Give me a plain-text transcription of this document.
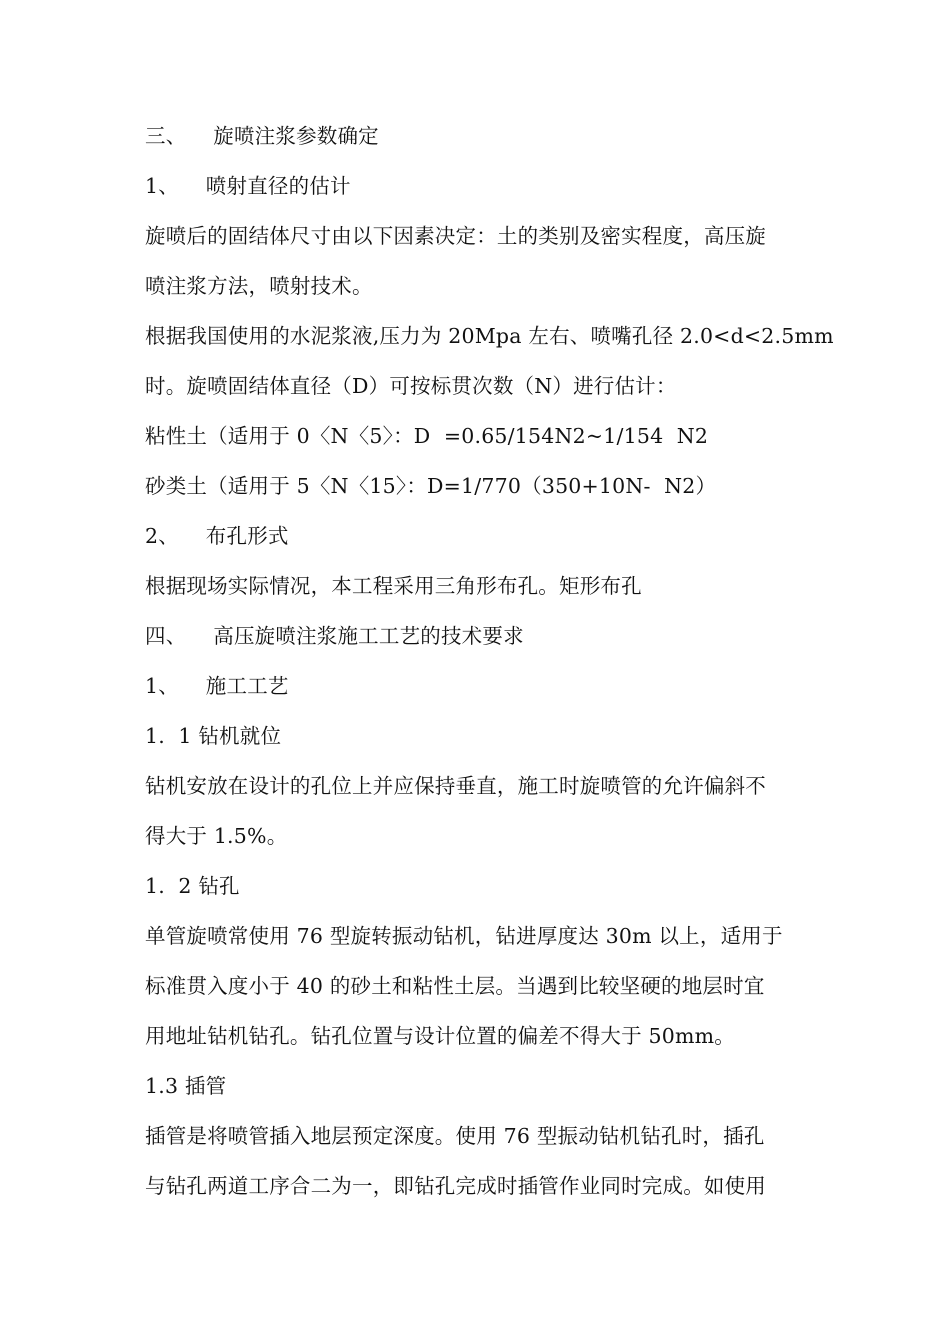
三、    旋喷注浆参数确定
1、    喷射直径的估计
旋喷后的固结体尺寸由以下因素决定：土的类别及密实程度，高压旋
喷注浆方法，喷射技术。
根据我国使用的水泥浆液,压力为 20Mpa 左右、喷嘴孔径 2.0<d<2.5mm
时。旋喷固结体直径（D）可按标贯次数（N）进行估计：
粘性土（适用于 0〈N〈5〉：D  =0.65/154N2~1/154  N2
砂类土（适用于 5〈N〈15〉：D=1/770（350+10N-  N2）
2、    布孔形式
根据现场实际情况，本工程采用三角形布孔。矩形布孔
四、    高压旋喷注浆施工工艺的技术要求
1、    施工工艺
1.  1 钻机就位
钻机安放在设计的孔位上并应保持垂直，施工时旋喷管的允许偏斜不
得大于 1.5%。
1.  2 钻孔
单管旋喷常使用 76 型旋转振动钻机，钻进厚度达 30m 以上，适用于
标准贯入度小于 40 的砂土和粘性土层。当遇到比较坚硬的地层时宜
用地址钻机钻孔。钻孔位置与设计位置的偏差不得大于 50mm。
1.3 插管
插管是将喷管插入地层预定深度。使用 76 型振动钻机钻孔时，插孔
与钻孔两道工序合二为一，即钻孔完成时插管作业同时完成。如使用
